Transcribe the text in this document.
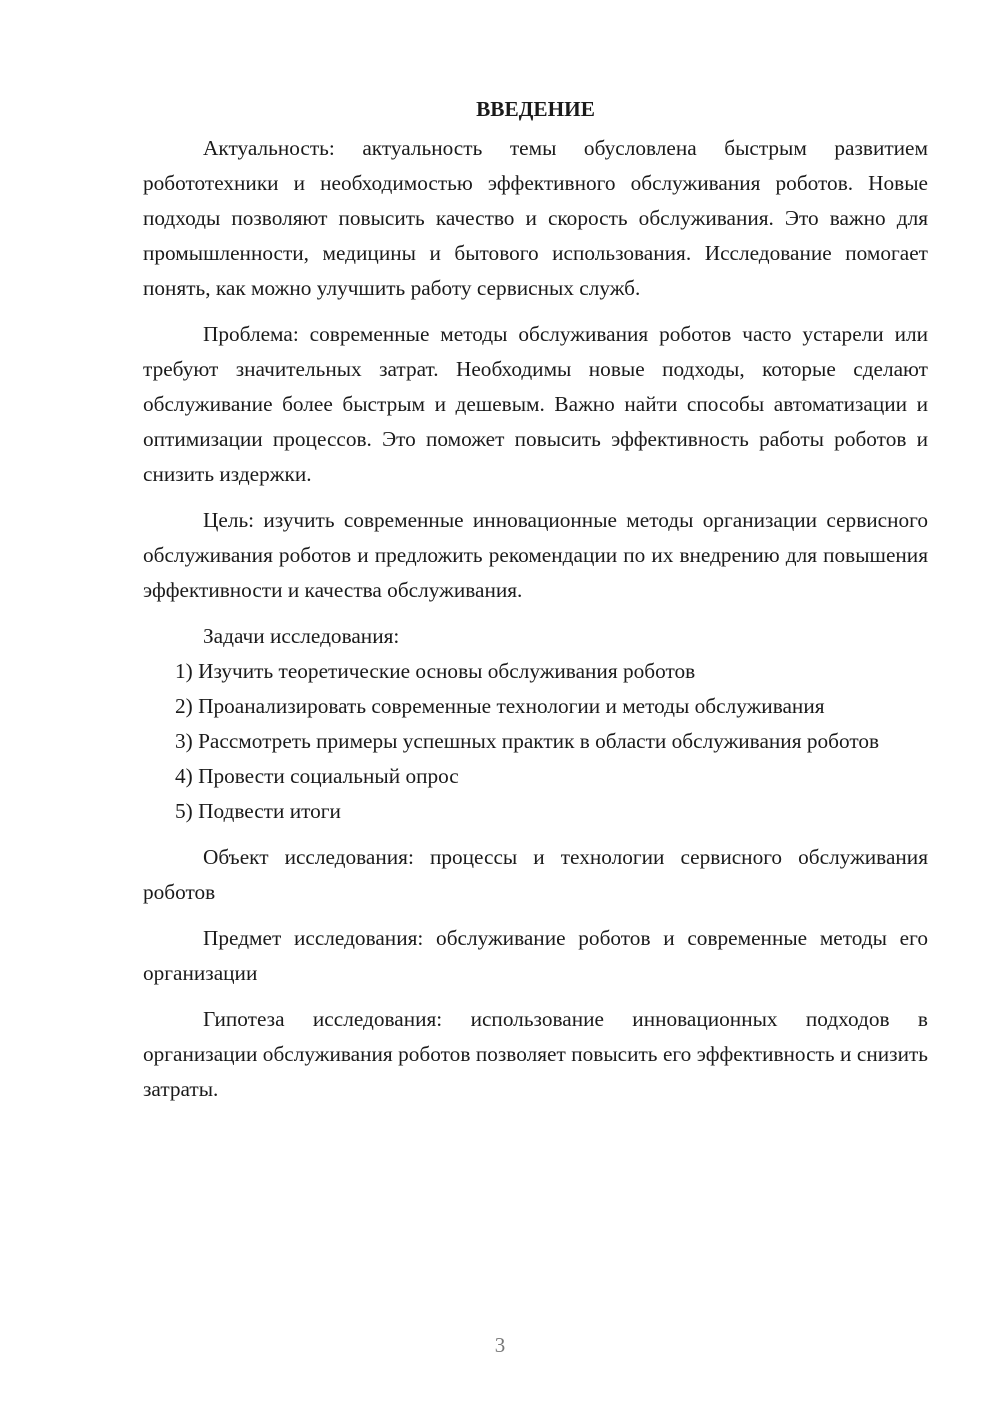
ВВЕДЕНИЕ

Актуальность: актуальность темы обусловлена быстрым развитием робототехники и необходимостью эффективного обслуживания роботов. Новые подходы позволяют повысить качество и скорость обслуживания. Это важно для промышленности, медицины и бытового использования. Исследование помогает понять, как можно улучшить работу сервисных служб.

Проблема: современные методы обслуживания роботов часто устарели или требуют значительных затрат. Необходимы новые подходы, которые сделают обслуживание более быстрым и дешевым. Важно найти способы автоматизации и оптимизации процессов. Это поможет повысить эффективность работы роботов и снизить издержки.

Цель: изучить современные инновационные методы организации сервисного обслуживания роботов и предложить рекомендации по их внедрению для повышения эффективности и качества обслуживания.

Задачи исследования:

1) Изучить теоретические основы обслуживания роботов

2) Проанализировать современные технологии и методы обслуживания

3) Рассмотреть примеры успешных практик в области обслуживания роботов

4) Провести социальный опрос

5) Подвести итоги

Объект исследования: процессы и технологии сервисного обслуживания роботов

Предмет исследования: обслуживание роботов и современные методы его организации

Гипотеза исследования: использование инновационных подходов в организации обслуживания роботов позволяет повысить его эффективность и снизить затраты.

3
